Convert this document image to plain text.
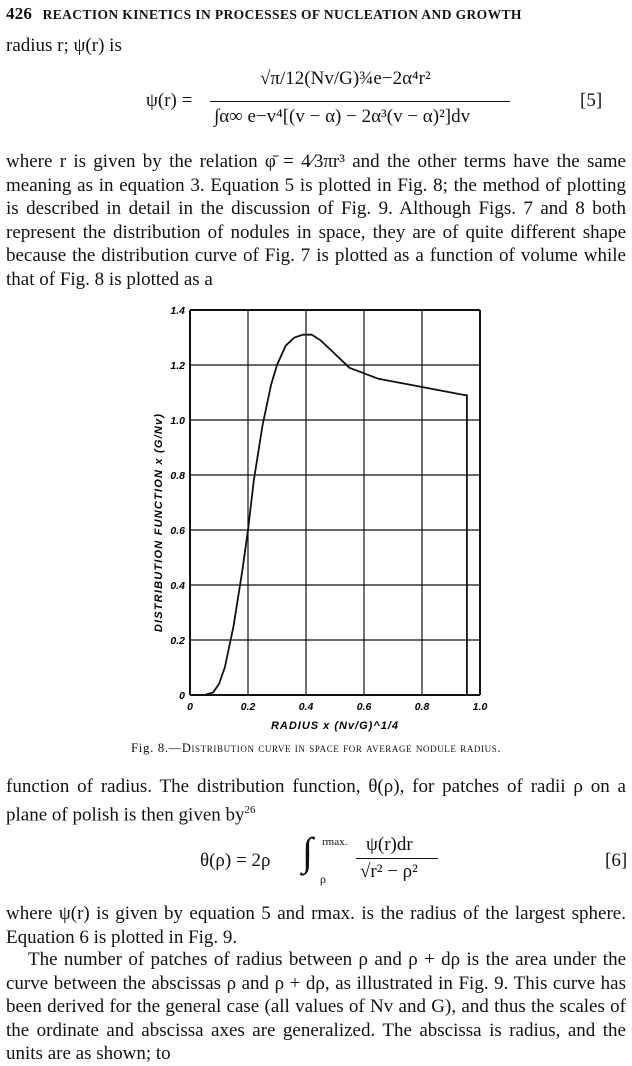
426 REACTION KINETICS IN PROCESSES OF NUCLEATION AND GROWTH
radius r; ψ(r) is
ψ(r) =
√π/12(Nv/G)¾e−2α⁴r²
∫α∞ e−v⁴[(v − α) − 2α³(v − α)²]dv
[5]
where r is given by the relation φ̄ = 4⁄3πr³ and the other terms have the same meaning as in equation 3. Equation 5 is plotted in Fig. 8; the method of plotting is described in detail in the discussion of Fig. 9. Although Figs. 7 and 8 both represent the distribution of nodules in space, they are of quite different shape because the distribution curve of Fig. 7 is plotted as a function of volume while that of Fig. 8 is plotted as a
0	0.2	0.4	0.6	0.8	1.0
0
0.2
0.4
0.6
0.8
1.0
1.2
1.4
DISTRIBUTION FUNCTION x (G/Nv)
RADIUS x (Nv/G)^1/4
Fig. 8.—Distribution curve in space for average nodule radius.
function of radius. The distribution function, θ(ρ), for patches of radii ρ on a plane of polish is then given $by^{26}$
θ(ρ) = 2ρ ∫ rmax.
ρ
ψ(r)dr
√r² − ρ²
[6]
where ψ(r) is given by equation 5 and rmax. is the radius of the largest sphere. Equation 6 is plotted in Fig. 9.
The number of patches of radius between ρ and ρ + dρ is the area under the curve between the abscissas ρ and ρ + dρ, as illustrated in Fig. 9. This curve has been derived for the general case (all values of Nv and G), and thus the scales of the ordinate and abscissa axes are generalized. The abscissa is radius, and the units are as shown; to
